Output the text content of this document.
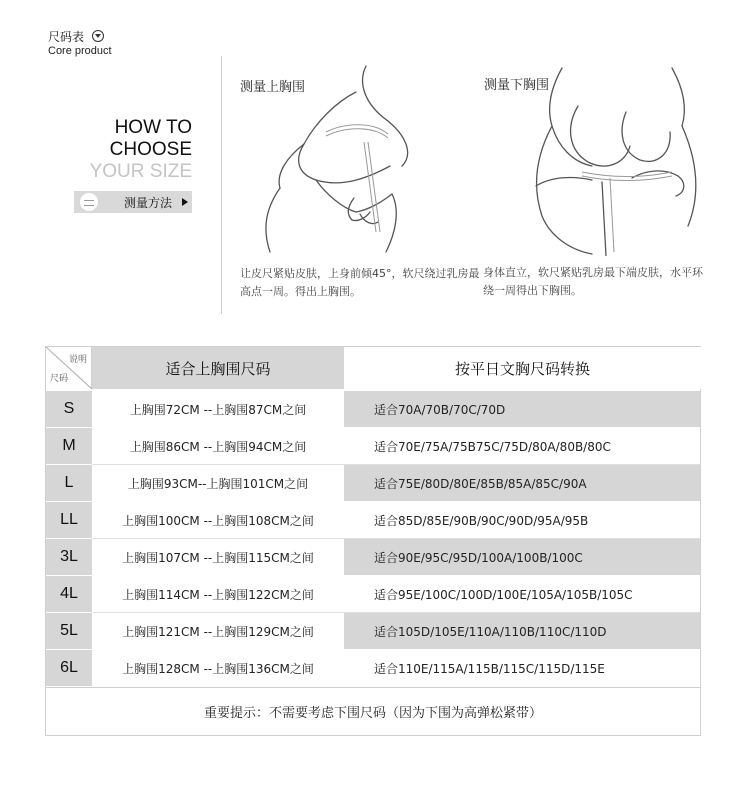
尺码表
Core product
HOW TO
CHOOSE
YOUR SIZE
测量方法
测量上胸围
让皮尺紧贴皮肤，上身前倾45°，软尺绕过乳房最高点一周。得出上胸围。
测量下胸围
身体直立，软尺紧贴乳房最下端皮肤，水平环绕一周得出下胸围。
说明
尺码
适合上胸围尺码	按平日文胸尺码转换
S	上胸围72CM --上胸围87CM之间	适合70A/70B/70C/70D
M	上胸围86CM --上胸围94CM之间	适合70E/75A/75B75C/75D/80A/80B/80C
L	上胸围93CM--上胸围101CM之间	适合75E/80D/80E/85B/85A/85C/90A
LL	上胸围100CM --上胸围108CM之间	适合85D/85E/90B/90C/90D/95A/95B
3L	上胸围107CM --上胸围115CM之间	适合90E/95C/95D/100A/100B/100C
4L	上胸围114CM --上胸围122CM之间	适合95E/100C/100D/100E/105A/105B/105C
5L	上胸围121CM --上胸围129CM之间	适合105D/105E/110A/110B/110C/110D
6L	上胸围128CM --上胸围136CM之间	适合110E/115A/115B/115C/115D/115E
重要提示：不需要考虑下围尺码（因为下围为高弹松紧带）
